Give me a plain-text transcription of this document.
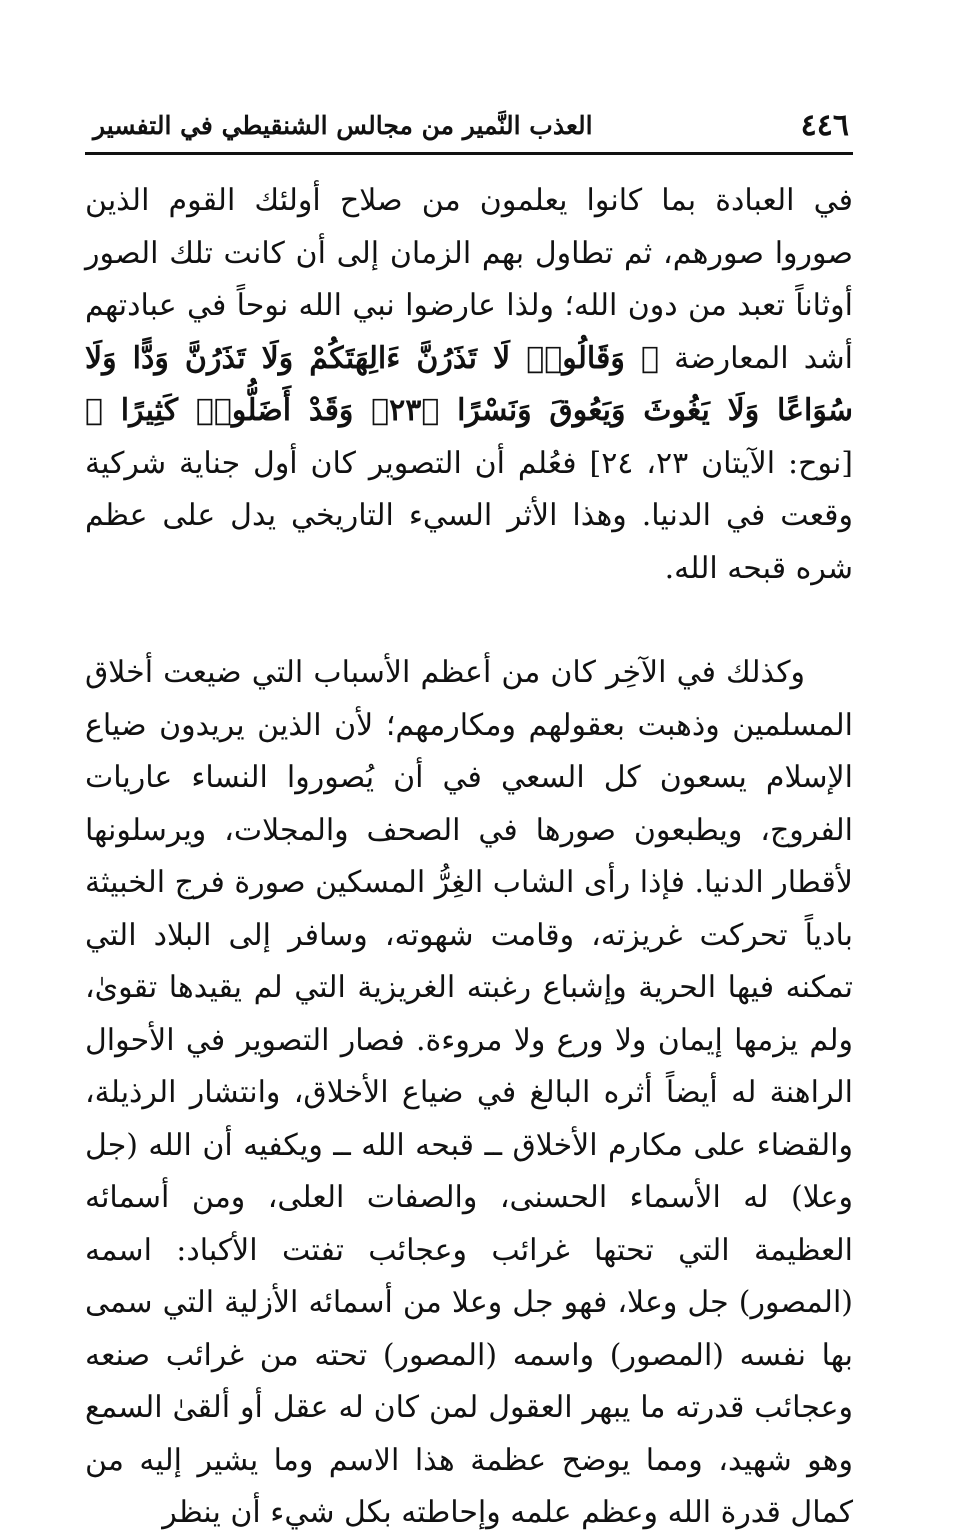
٤٤٦
العذب النَّمير من مجالس الشنقيطي في التفسير

في العبادة بما كانوا يعلمون من صلاح أولئك القوم الذين صوروا صورهم، ثم تطاول بهم الزمان إلى أن كانت تلك الصور أوثاناً تعبد من دون الله؛ ولذا عارضوا نبي الله نوحاً في عبادتهم أشد المعارضة ﴿ وَقَالُوا۟ لَا تَذَرُنَّ ءَالِهَتَكُمْ وَلَا تَذَرُنَّ وَدًّا وَلَا سُوَاعًا وَلَا يَغُوثَ وَيَعُوقَ وَنَسْرًا ﴿٢٣﴾ وَقَدْ أَضَلُّوا۟ كَثِيرًا ﴾ [نوح: الآيتان ٢٣، ٢٤] فعُلم أن التصوير كان أول جناية شركية وقعت في الدنيا. وهذا الأثر السيء التاريخي يدل على عظم شره قبحه الله.

وكذلك في الآخِر كان من أعظم الأسباب التي ضيعت أخلاق المسلمين وذهبت بعقولهم ومكارمهم؛ لأن الذين يريدون ضياع الإسلام يسعون كل السعي في أن يُصوروا النساء عاريات الفروج، ويطبعون صورها في الصحف والمجلات، ويرسلونها لأقطار الدنيا. فإذا رأى الشاب الغِرُّ المسكين صورة فرج الخبيثة بادياً تحركت غريزته، وقامت شهوته، وسافر إلى البلاد التي تمكنه فيها الحرية وإشباع رغبته الغريزية التي لم يقيدها تقوىٰ، ولم يزمها إيمان ولا ورع ولا مروءة. فصار التصوير في الأحوال الراهنة له أيضاً أثره البالغ في ضياع الأخلاق، وانتشار الرذيلة، والقضاء على مكارم الأخلاق ــ قبحه الله ــ ويكفيه أن الله (جل وعلا) له الأسماء الحسنى، والصفات العلى، ومن أسمائه العظيمة التي تحتها غرائب وعجائب تفتت الأكباد: اسمه (المصور) جل وعلا، فهو جل وعلا من أسمائه الأزلية التي سمى بها نفسه (المصور) واسمه (المصور) تحته من غرائب صنعه وعجائب قدرته ما يبهر العقول لمن كان له عقل أو ألقىٰ السمع وهو شهيد، ومما يوضح عظمة هذا الاسم وما يشير إليه من كمال قدرة الله وعظم علمه وإحاطته بكل شيء أن ينظر
